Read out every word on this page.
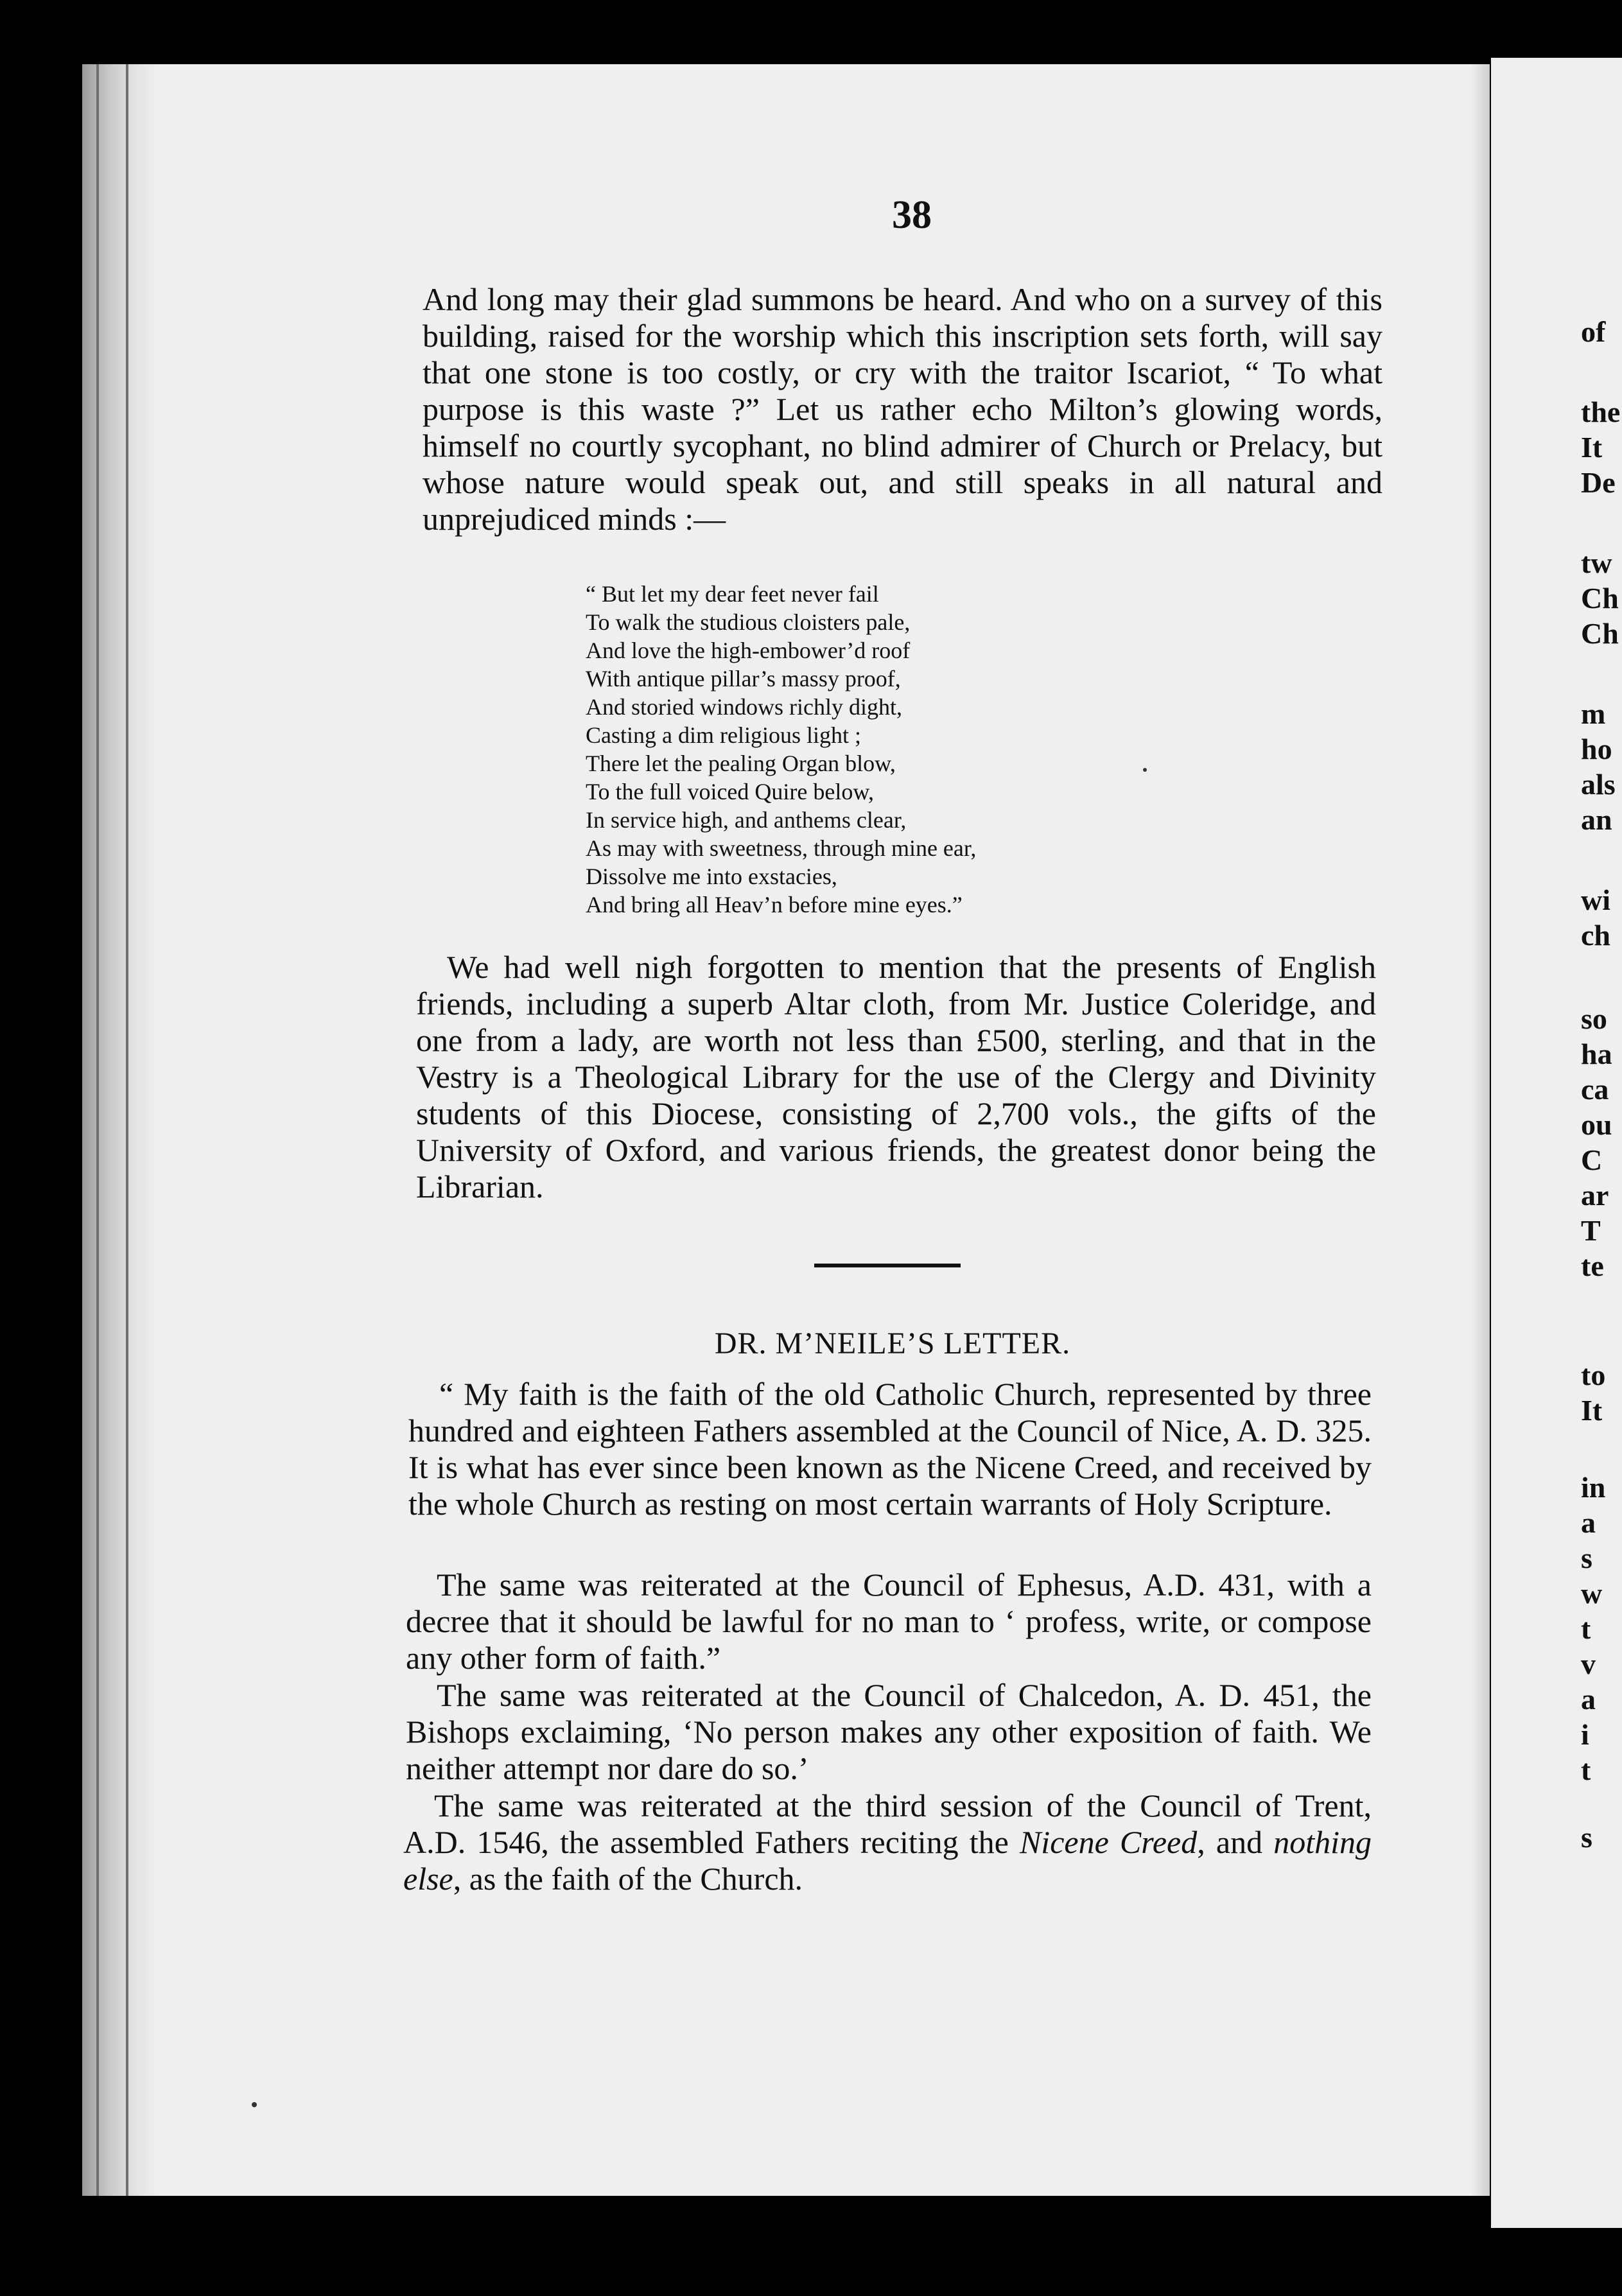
of
the
It
De
tw
Ch
Ch
m
ho
als
an
wi
ch
so
ha
ca
ou
C
ar
T
te
to
It
in
a
s
w
t
v
a
i
t
s
38
And long may their glad summons be heard. And who on a survey of this building, raised for the worship which this inscription sets forth, will say that one stone is too costly, or cry with the traitor Iscariot, “ To what purpose is this waste ?” Let us rather echo Milton’s glowing words, himself no courtly sycophant, no blind admirer of Church or Prelacy, but whose nature would speak out, and still speaks in all natural and unprejudiced minds :—
“ But let my dear feet never fail
To walk the studious cloisters pale,
And love the high-embower’d roof
With antique pillar’s massy proof,
And storied windows richly dight,
Casting a dim religious light ;
There let the pealing Organ blow,
To the full voiced Quire below,
In service high, and anthems clear,
As may with sweetness, through mine ear,
Dissolve me into exstacies,
And bring all Heav’n before mine eyes.”
We had well nigh forgotten to mention that the presents of English friends, including a superb Altar cloth, from Mr. Justice Coleridge, and one from a lady, are worth not less than £500, sterling, and that in the Vestry is a Theological Library for the use of the Clergy and Divinity students of this Diocese, consisting of 2,700 vols., the gifts of the University of Oxford, and various friends, the greatest donor being the Librarian.
DR. M’NEILE’S LETTER.
“ My faith is the faith of the old Catholic Church, represented by three hundred and eighteen Fathers assembled at the Council of Nice, A. D. 325. It is what has ever since been known as the Nicene Creed, and received by the whole Church as resting on most certain warrants of Holy Scripture.
The same was reiterated at the Council of Ephesus, A.D. 431, with a decree that it should be lawful for no man to ‘ profess, write, or compose any other form of faith.”
The same was reiterated at the Council of Chalcedon, A. D. 451, the Bishops exclaiming, ‘No person makes any other exposition of faith. We neither attempt nor dare do so.’
The same was reiterated at the third session of the Council of Trent, A.D. 1546, the assembled Fathers reciting the Nicene Creed, and nothing else, as the faith of the Church.
